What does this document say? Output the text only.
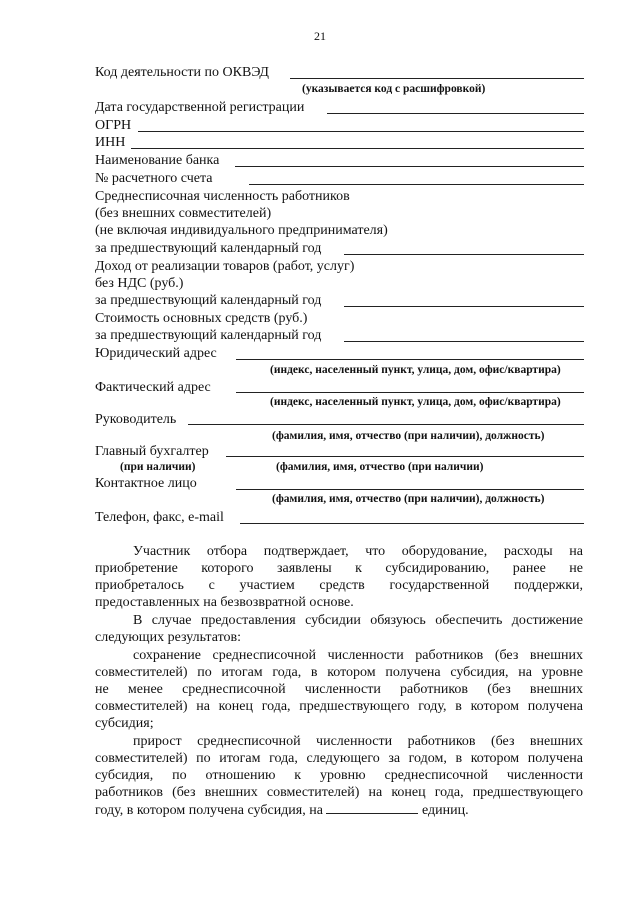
21
Код деятельности по ОКВЭД
(указывается код с расшифровкой)
Дата государственной регистрации
ОГРН
ИНН
Наименование банка
№ расчетного счета
Среднесписочная численность работников
(без внешних совместителей)
(не включая индивидуального предпринимателя)
за предшествующий календарный год
Доход от реализации товаров (работ, услуг)
без НДС (руб.)
за предшествующий календарный год
Стоимость основных средств (руб.)
за предшествующий календарный год
Юридический адрес
(индекс, населенный пункт, улица, дом, офис/квартира)
Фактический адрес
(индекс, населенный пункт, улица, дом, офис/квартира)
Руководитель
(фамилия, имя, отчество (при наличии), должность)
Главный бухгалтер
(при наличии)	(фамилия, имя, отчество (при наличии)
Контактное лицо
(фамилия, имя, отчество (при наличии), должность)
Телефон, факс, e-mail
Участник отбора подтверждает, что оборудование, расходы на
приобретение которого заявлены к субсидированию, ранее не
приобреталось с участием средств государственной поддержки,
предоставленных на безвозвратной основе.
В случае предоставления субсидии обязуюсь обеспечить достижение
следующих результатов:
сохранение среднесписочной численности работников (без внешних
совместителей) по итогам года, в котором получена субсидия, на уровне
не менее среднесписочной численности работников (без внешних
совместителей) на конец года, предшествующего году, в котором получена
субсидия;
прирост среднесписочной численности работников (без внешних
совместителей) по итогам года, следующего за годом, в котором получена
субсидия, по отношению к уровню среднесписочной численности
работников (без внешних совместителей) на конец года, предшествующего
году, в котором получена субсидия, на	единиц.
